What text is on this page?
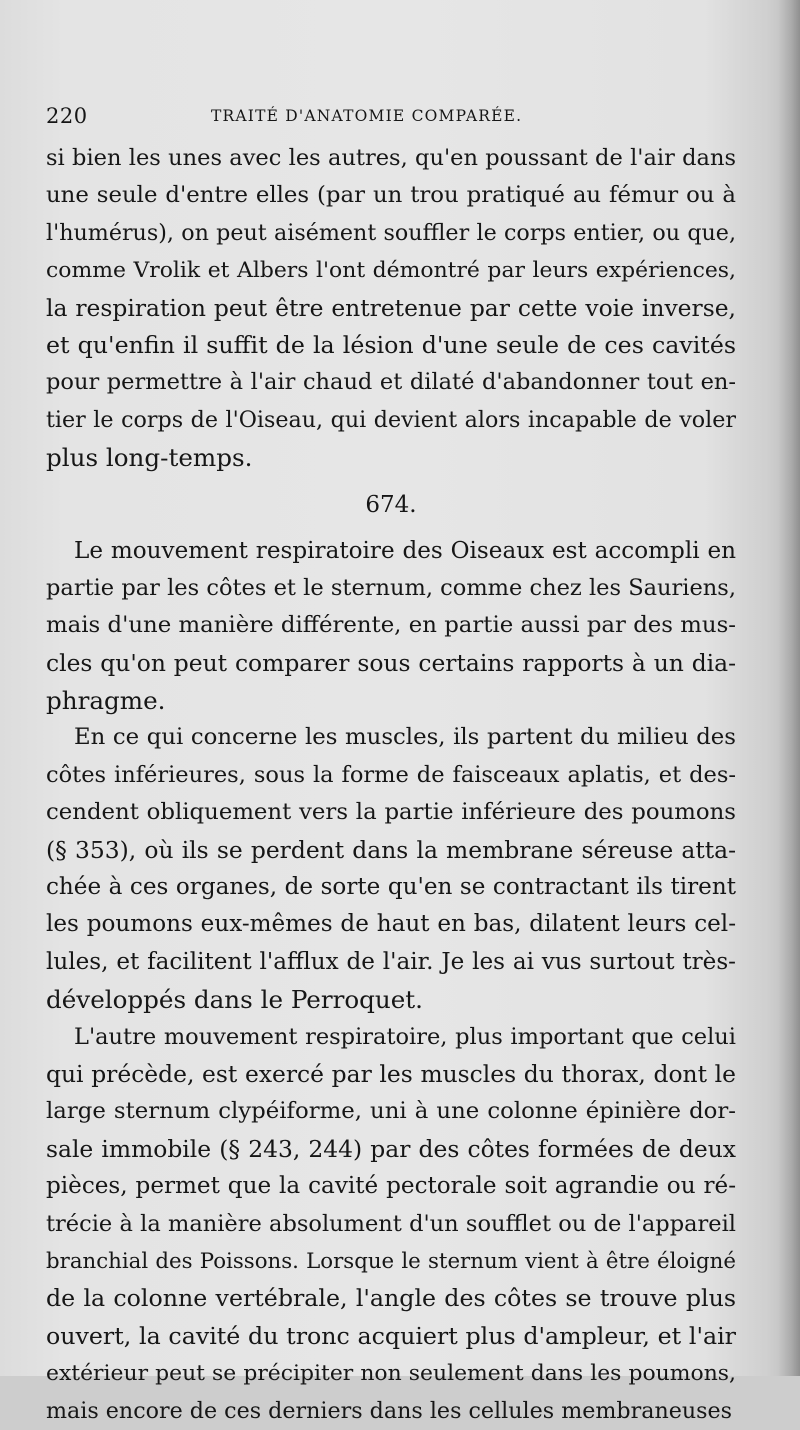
220	TRAITÉ D'ANATOMIE COMPARÉE.
si bien les unes avec les autres, qu'en poussant de l'air dans
une seule d'entre elles (par un trou pratiqué au fémur ou à
l'humérus), on peut aisément souffler le corps entier, ou que,
comme Vrolik et Albers l'ont démontré par leurs expériences,
la respiration peut être entretenue par cette voie inverse,
et qu'enfin il suffit de la lésion d'une seule de ces cavités
pour permettre à l'air chaud et dilaté d'abandonner tout en-
tier le corps de l'Oiseau, qui devient alors incapable de voler
plus long-temps.
674.
Le mouvement respiratoire des Oiseaux est accompli en
partie par les côtes et le sternum, comme chez les Sauriens,
mais d'une manière différente, en partie aussi par des mus-
cles qu'on peut comparer sous certains rapports à un dia-
phragme.
En ce qui concerne les muscles, ils partent du milieu des
côtes inférieures, sous la forme de faisceaux aplatis, et des-
cendent obliquement vers la partie inférieure des poumons
(§ 353), où ils se perdent dans la membrane séreuse atta-
chée à ces organes, de sorte qu'en se contractant ils tirent
les poumons eux-mêmes de haut en bas, dilatent leurs cel-
lules, et facilitent l'afflux de l'air. Je les ai vus surtout très-
développés dans le Perroquet.
L'autre mouvement respiratoire, plus important que celui
qui précède, est exercé par les muscles du thorax, dont le
large sternum clypéiforme, uni à une colonne épinière dor-
sale immobile (§ 243, 244) par des côtes formées de deux
pièces, permet que la cavité pectorale soit agrandie ou ré-
trécie à la manière absolument d'un soufflet ou de l'appareil
branchial des Poissons. Lorsque le sternum vient à être éloigné
de la colonne vertébrale, l'angle des côtes se trouve plus
ouvert, la cavité du tronc acquiert plus d'ampleur, et l'air
extérieur peut se précipiter non seulement dans les poumons,
mais encore de ces derniers dans les cellules membraneuses
